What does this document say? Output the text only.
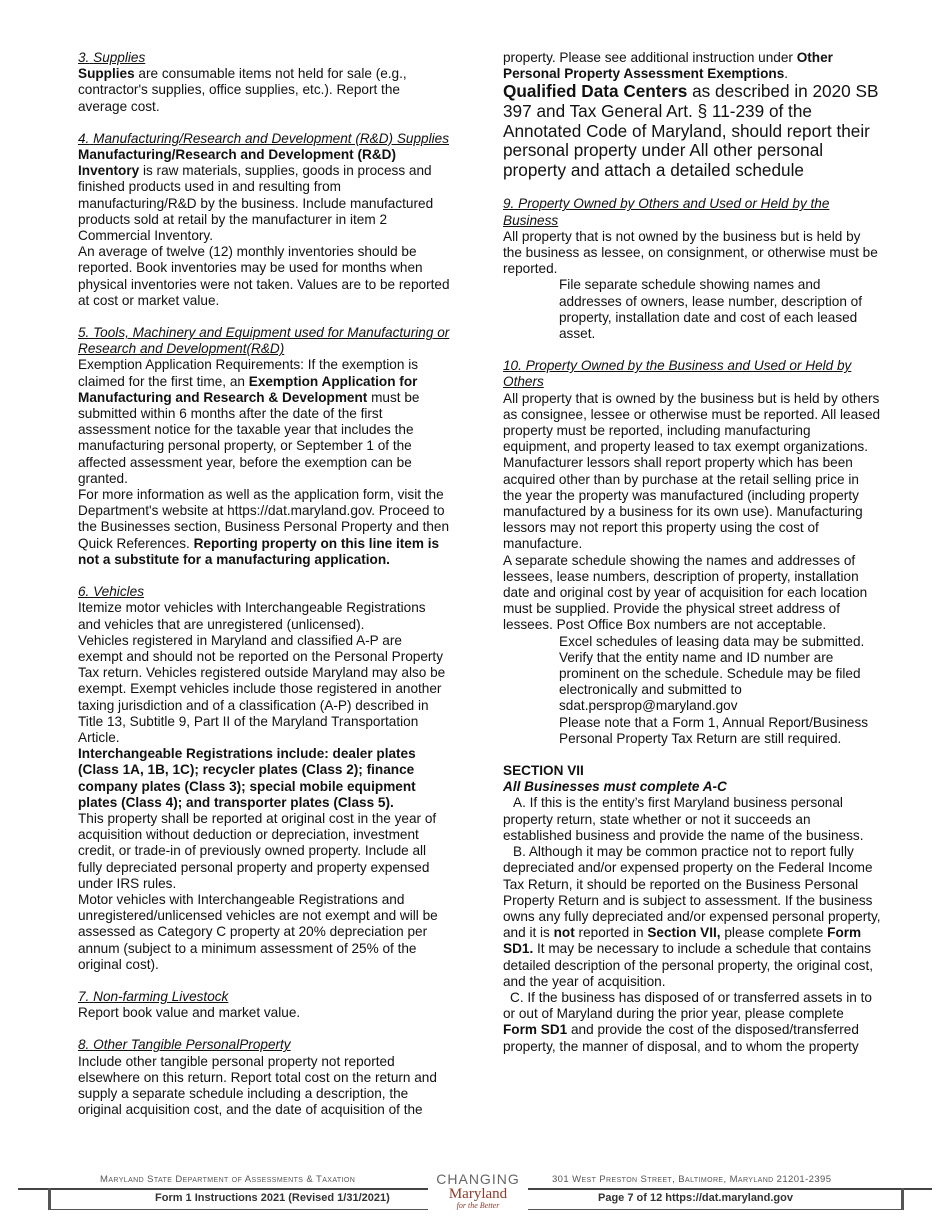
3. Supplies

Supplies are consumable items not held for sale (e.g., contractor's supplies, office supplies, etc.). Report the average cost.

4. Manufacturing/Research and Development (R&D) Supplies

Manufacturing/Research and Development (R&D) Inventory is raw materials, supplies, goods in process and finished products used in and resulting from manufacturing/R&D by the business. Include manufactured products sold at retail by the manufacturer in item 2 Commercial Inventory.

An average of twelve (12) monthly inventories should be reported. Book inventories may be used for months when physical inventories were not taken. Values are to be reported at cost or market value.

5. Tools, Machinery and Equipment used for Manufacturing or Research and Development(R&D)

Exemption Application Requirements: If the exemption is claimed for the first time, an Exemption Application for Manufacturing and Research & Development must be submitted within 6 months after the date of the first assessment notice for the taxable year that includes the manufacturing personal property, or September 1 of the affected assessment year, before the exemption can be granted.

For more information as well as the application form, visit the Department's website at https://dat.maryland.gov. Proceed to the Businesses section, Business Personal Property and then Quick References. Reporting property on this line item is not a substitute for a manufacturing application.

6. Vehicles

Itemize motor vehicles with Interchangeable Registrations and vehicles that are unregistered (unlicensed).

Vehicles registered in Maryland and classified A-P are exempt and should not be reported on the Personal Property Tax return. Vehicles registered outside Maryland may also be exempt. Exempt vehicles include those registered in another taxing jurisdiction and of a classification (A-P) described in Title 13, Subtitle 9, Part II of the Maryland Transportation Article.

Interchangeable Registrations include: dealer plates (Class 1A, 1B, 1C); recycler plates (Class 2); finance company plates (Class 3); special mobile equipment plates (Class 4); and transporter plates (Class 5).

This property shall be reported at original cost in the year of acquisition without deduction or depreciation, investment credit, or trade-in of previously owned property. Include all fully depreciated personal property and property expensed under IRS rules.

Motor vehicles with Interchangeable Registrations and unregistered/unlicensed vehicles are not exempt and will be assessed as Category C property at 20% depreciation per annum (subject to a minimum assessment of 25% of the original cost).

7. Non-farming Livestock

Report book value and market value.

8. Other Tangible PersonalProperty

Include other tangible personal property not reported elsewhere on this return. Report total cost on the return and supply a separate schedule including a description, the original acquisition cost, and the date of acquisition of the

property. Please see additional instruction under Other Personal Property Assessment Exemptions.

Qualified Data Centers as described in 2020 SB 397 and Tax General Art. § 11-239 of the Annotated Code of Maryland, should report their personal property under All other personal property and attach a detailed schedule

9. Property Owned by Others and Used or Held by the Business

All property that is not owned by the business but is held by the business as lessee, on consignment, or otherwise must be reported.

File separate schedule showing names and addresses of owners, lease number, description of property, installation date and cost of each leased asset.

10. Property Owned by the Business and Used or Held by Others

All property that is owned by the business but is held by others as consignee, lessee or otherwise must be reported. All leased property must be reported, including manufacturing equipment, and property leased to tax exempt organizations.

Manufacturer lessors shall report property which has been acquired other than by purchase at the retail selling price in the year the property was manufactured (including property manufactured by a business for its own use). Manufacturing lessors may not report this property using the cost of manufacture.

A separate schedule showing the names and addresses of lessees, lease numbers, description of property, installation date and original cost by year of acquisition for each location must be supplied. Provide the physical street address of lessees. Post Office Box numbers are not acceptable.

Excel schedules of leasing data may be submitted. Verify that the entity name and ID number are prominent on the schedule. Schedule may be filed electronically and submitted to sdat.persprop@maryland.gov

Please note that a Form 1, Annual Report/Business Personal Property Tax Return are still required.

SECTION VII

All Businesses must complete A-C

A. If this is the entity’s first Maryland business personal property return, state whether or not it succeeds an established business and provide the name of the business.

B. Although it may be common practice not to report fully depreciated and/or expensed property on the Federal Income Tax Return, it should be reported on the Business Personal Property Return and is subject to assessment. If the business owns any fully depreciated and/or expensed personal property, and it is not reported in Section VII, please complete Form SD1. It may be necessary to include a schedule that contains detailed description of the personal property, the original cost, and the year of acquisition.

C. If the business has disposed of or transferred assets in to or out of Maryland during the prior year, please complete Form SD1 and provide the cost of the disposed/transferred property, the manner of disposal, and to whom the property

Maryland State Department of Assessments & Taxation	301 West Preston Street, Baltimore, Maryland 21201-2395
Form 1 Instructions 2021 (Revised 1/31/2021)	Page 7 of 12 https://dat.maryland.gov
CHANGING
Maryland
for the Better
